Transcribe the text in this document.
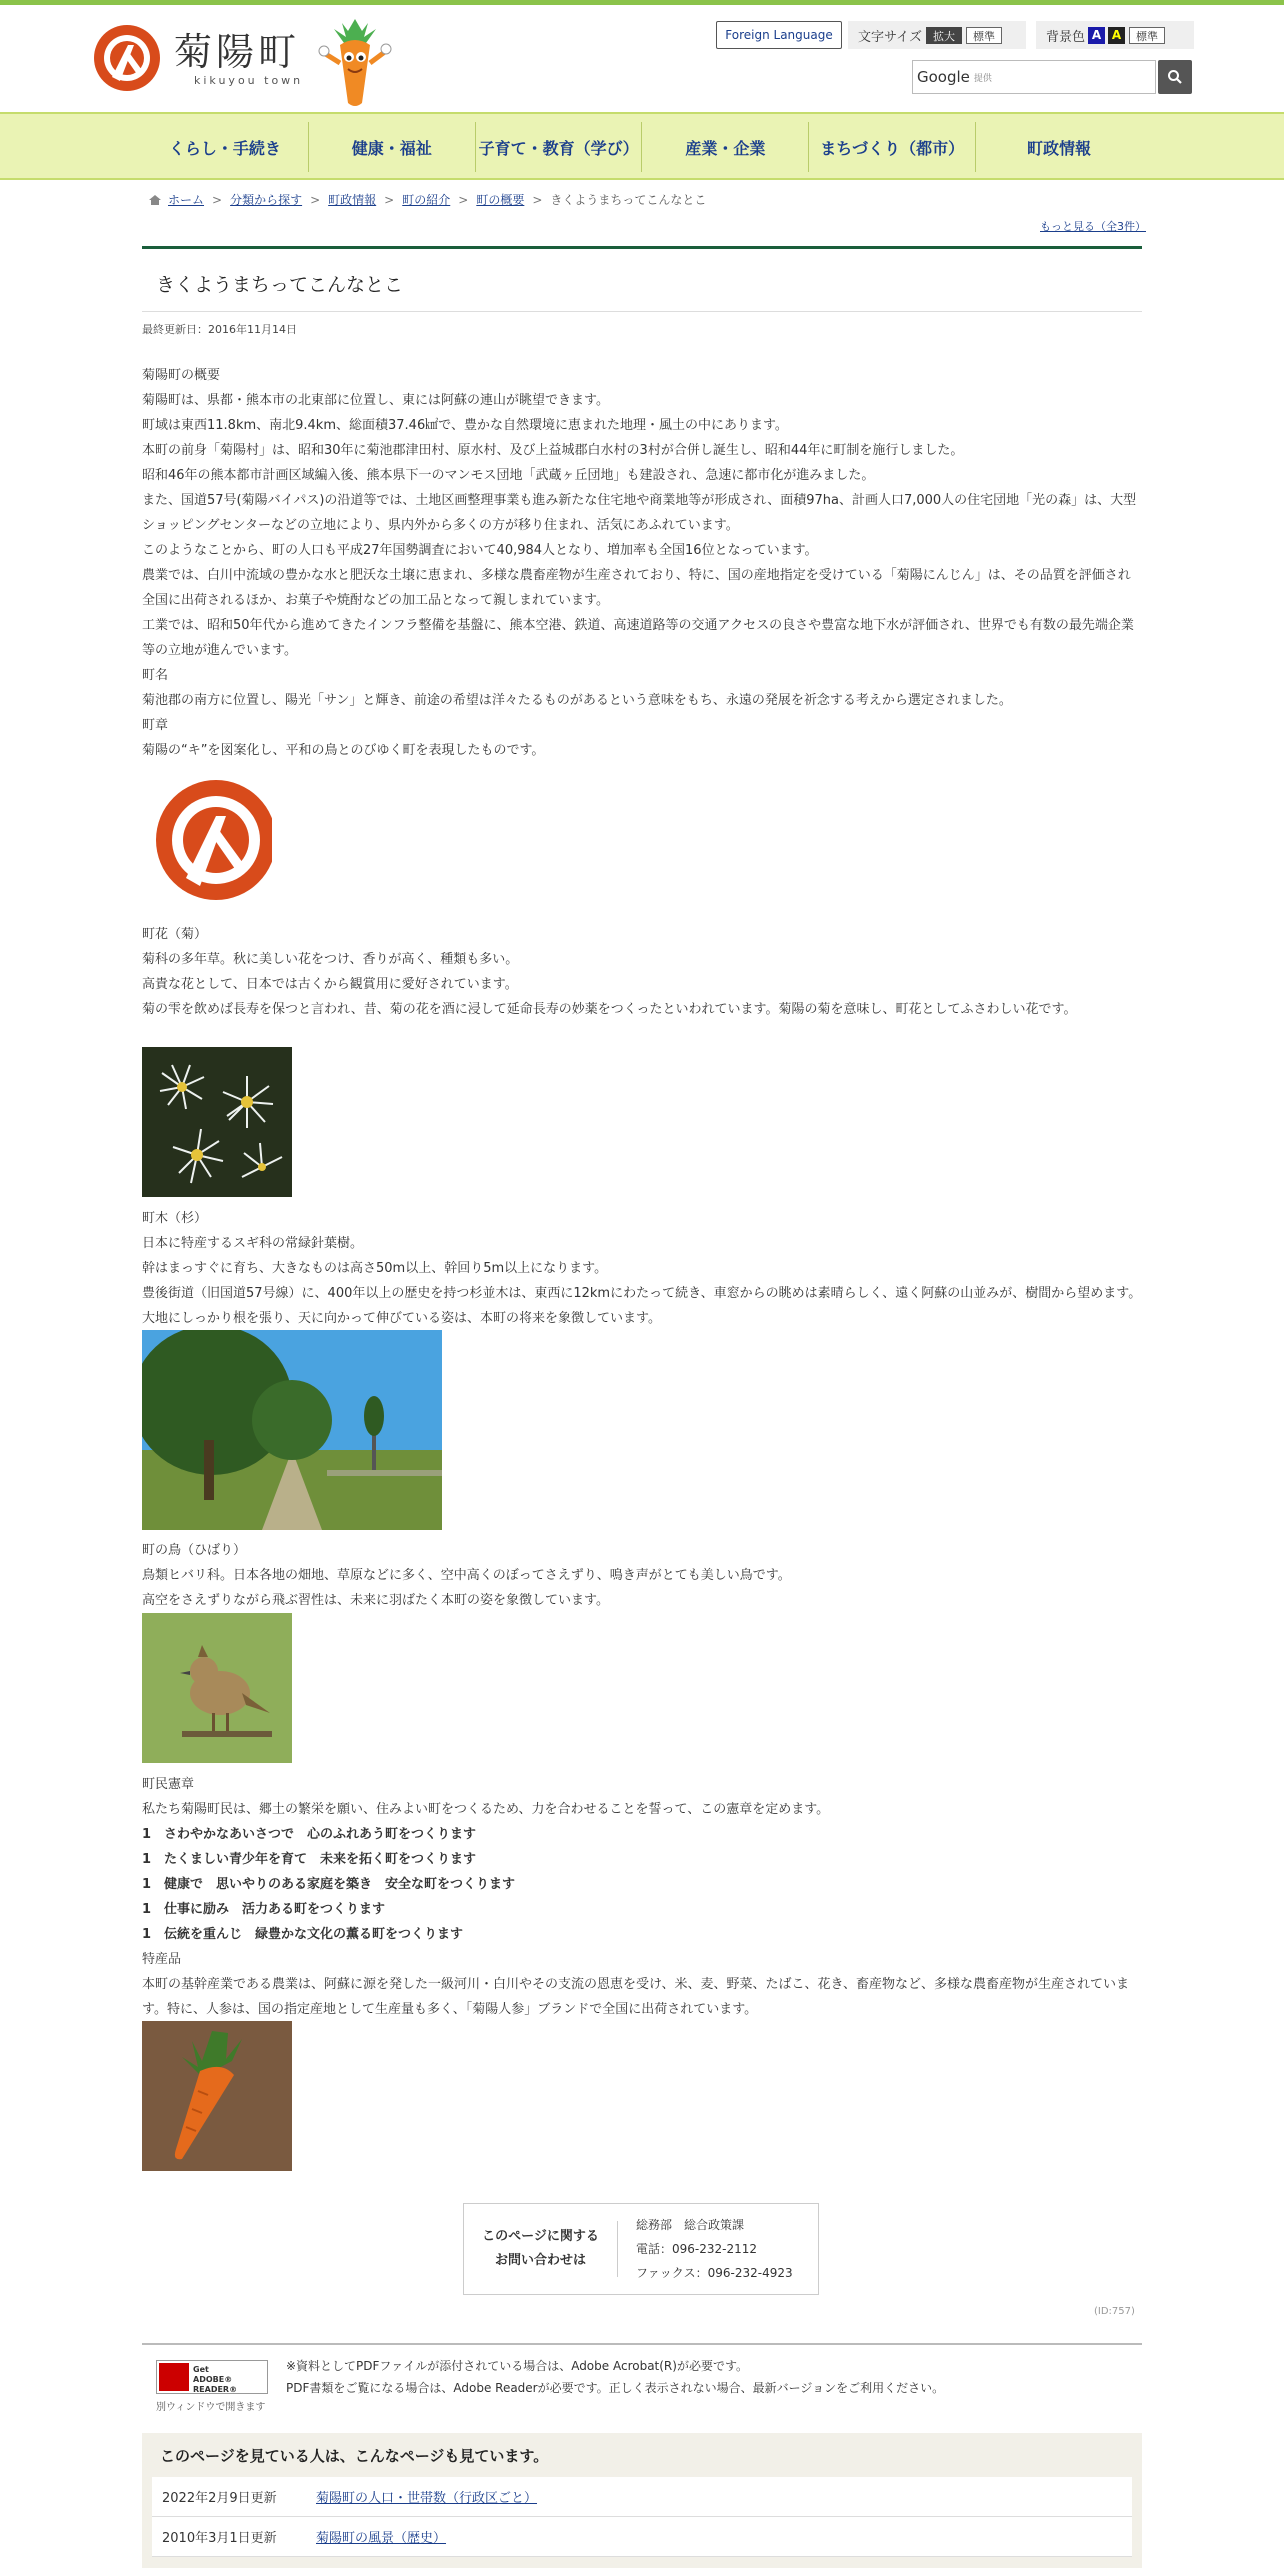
菊陽町
kikuyou town
Foreign Language	文字サイズ	拡大	標準	背景色 A A	標準
Google 提供
くらし・手続き	健康・福祉	子育て・教育（学び）	産業・企業	まちづくり（都市）	町政情報
ホーム > 分類から探す > 町政情報 > 町の紹介 > 町の概要 > きくようまちってこんなとこ
もっと見る（全3件）
きくようまちってこんなとこ
最終更新日：2016年11月14日
菊陽町の概要
菊陽町は、県都・熊本市の北東部に位置し、東には阿蘇の連山が眺望できます。
町域は東西11.8km、南北9.4km、総面積37.46㎢で、豊かな自然環境に恵まれた地理・風土の中にあります。
本町の前身「菊陽村」は、昭和30年に菊池郡津田村、原水村、及び上益城郡白水村の3村が合併し誕生し、昭和44年に町制を施行しました。
昭和46年の熊本都市計画区域編入後、熊本県下一のマンモス団地「武蔵ヶ丘団地」も建設され、急速に都市化が進みました。
また、国道57号(菊陽バイパス)の沿道等では、土地区画整理事業も進み新たな住宅地や商業地等が形成され、面積97ha、計画人口7,000人の住宅団地「光の森」は、大型ショッピングセンターなどの立地により、県内外から多くの方が移り住まれ、活気にあふれています。
このようなことから、町の人口も平成27年国勢調査において40,984人となり、増加率も全国16位となっています。
農業では、白川中流域の豊かな水と肥沃な土壌に恵まれ、多様な農畜産物が生産されており、特に、国の産地指定を受けている「菊陽にんじん」は、その品質を評価され全国に出荷されるほか、お菓子や焼酎などの加工品となって親しまれています。
工業では、昭和50年代から進めてきたインフラ整備を基盤に、熊本空港、鉄道、高速道路等の交通アクセスの良さや豊富な地下水が評価され、世界でも有数の最先端企業等の立地が進んでいます。
町名
菊池郡の南方に位置し、陽光「サン」と輝き、前途の希望は洋々たるものがあるという意味をもち、永遠の発展を祈念する考えから選定されました。
町章
菊陽の“キ”を図案化し、平和の鳥とのびゆく町を表現したものです。
町花（菊）
菊科の多年草。秋に美しい花をつけ、香りが高く、種類も多い。
高貴な花として、日本では古くから観賞用に愛好されています。
菊の雫を飲めば長寿を保つと言われ、昔、菊の花を酒に浸して延命長寿の妙薬をつくったといわれています。菊陽の菊を意味し、町花としてふさわしい花です。
町木（杉）
日本に特産するスギ科の常緑針葉樹。
幹はまっすぐに育ち、大きなものは高さ50m以上、幹回り5m以上になります。
豊後街道（旧国道57号線）に、400年以上の歴史を持つ杉並木は、東西に12kmにわたって続き、車窓からの眺めは素晴らしく、遠く阿蘇の山並みが、樹間から望めます。大地にしっかり根を張り、天に向かって伸びている姿は、本町の将来を象徴しています。
町の鳥（ひばり）
鳥類ヒバリ科。日本各地の畑地、草原などに多く、空中高くのぼってさえずり、鳴き声がとても美しい鳥です。
高空をさえずりながら飛ぶ習性は、未来に羽ばたく本町の姿を象徴しています。
町民憲章
私たち菊陽町民は、郷土の繁栄を願い、住みよい町をつくるため、力を合わせることを誓って、この憲章を定めます。
1　さわやかなあいさつで　心のふれあう町をつくります
1　たくましい青少年を育て　未来を拓く町をつくります
1　健康で　思いやりのある家庭を築き　安全な町をつくります
1　仕事に励み　活力ある町をつくります
1　伝統を重んじ　緑豊かな文化の薫る町をつくります
特産品
本町の基幹産業である農業は、阿蘇に源を発した一級河川・白川やその支流の恩恵を受け、米、麦、野菜、たばこ、花き、畜産物など、多様な農畜産物が生産されています。特に、人参は、国の指定産地として生産量も多く、「菊陽人参」ブランドで全国に出荷されています。
このページに関する
お問い合わせは
総務部　総合政策課
電話：096-232-2112
ファックス：096-232-4923
(ID:757)
Get
ADOBE® READER®
別ウィンドウで開きます
※資料としてPDFファイルが添付されている場合は、Adobe Acrobat(R)が必要です。
PDF書類をご覧になる場合は、Adobe Readerが必要です。正しく表示されない場合、最新バージョンをご利用ください。
このページを見ている人は、こんなページも見ています。
2022年2月9日更新	菊陽町の人口・世帯数（行政区ごと）
2010年3月1日更新	菊陽町の風景（歴史）
